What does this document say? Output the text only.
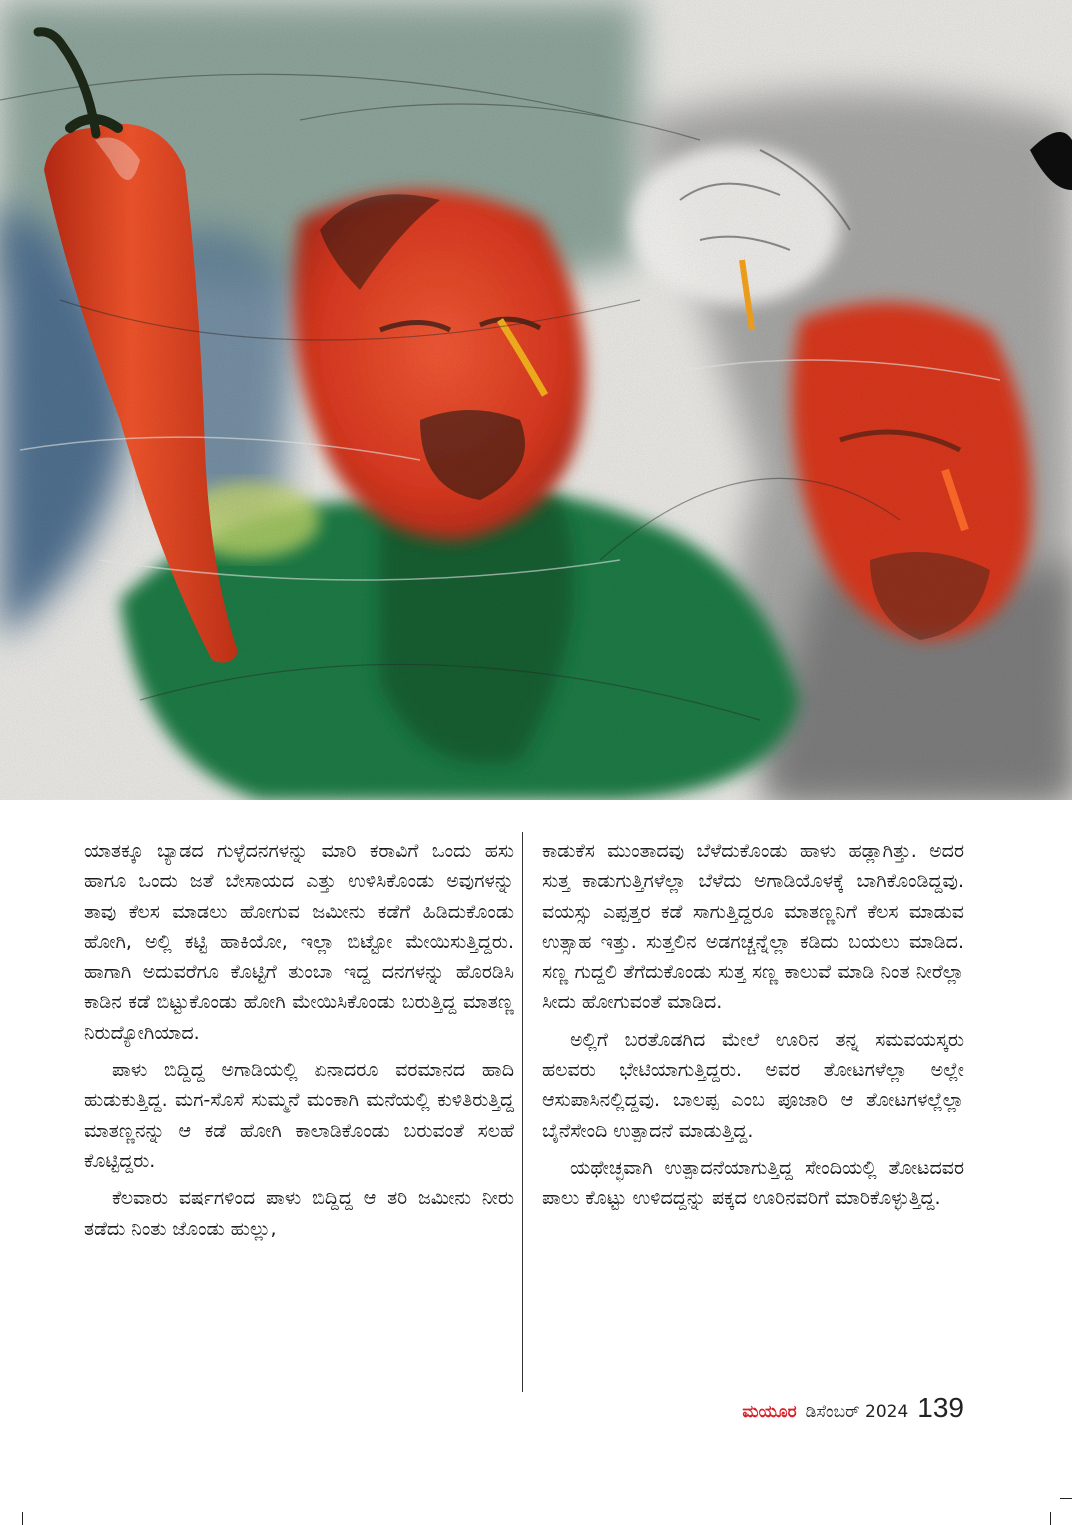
ಯಾತಕ್ಕೂ ಬ್ಯಾಡದ ಗುಳ್ಳೆದನಗಳನ್ನು ಮಾರಿ ಕರಾವಿಗೆ ಒಂದು ಹಸು ಹಾಗೂ ಒಂದು ಜತೆ ಬೇಸಾಯದ ಎತ್ತು ಉಳಿಸಿಕೊಂಡು ಅವುಗಳನ್ನು ತಾವು ಕೆಲಸ ಮಾಡಲು ಹೋಗುವ ಜಮೀನು ಕಡೆಗೆ ಹಿಡಿದುಕೊಂಡು ಹೋಗಿ, ಅಲ್ಲಿ ಕಟ್ಟಿ ಹಾಕಿಯೋ, ಇಲ್ಲಾ ಬಿಟ್ಟೋ ಮೇಯಿಸುತ್ತಿದ್ದರು. ಹಾಗಾಗಿ ಅದುವರೆಗೂ ಕೊಟ್ಟಿಗೆ ತುಂಬಾ ಇದ್ದ ದನಗಳನ್ನು ಹೊರಡಿಸಿ ಕಾಡಿನ ಕಡೆ ಬಿಟ್ಟುಕೊಂಡು ಹೋಗಿ ಮೇಯಿಸಿಕೊಂಡು ಬರುತ್ತಿದ್ದ ಮಾತಣ್ಣ ನಿರುದ್ಯೋಗಿಯಾದ.

ಪಾಳು ಬಿದ್ದಿದ್ದ ಅಗಾಡಿಯಲ್ಲಿ ಏನಾದರೂ ವರಮಾನದ ಹಾದಿ ಹುಡುಕುತ್ತಿದ್ದ. ಮಗ-ಸೊಸೆ ಸುಮ್ಮನೆ ಮಂಕಾಗಿ ಮನೆಯಲ್ಲಿ ಕುಳಿತಿರುತ್ತಿದ್ದ ಮಾತಣ್ಣನನ್ನು ಆ ಕಡೆ ಹೋಗಿ ಕಾಲಾಡಿಕೊಂಡು ಬರುವಂತೆ ಸಲಹೆ ಕೊಟ್ಟಿದ್ದರು.

ಕೆಲವಾರು ವರ್ಷಗಳಿಂದ ಪಾಳು ಬಿದ್ದಿದ್ದ ಆ ತರಿ ಜಮೀನು ನೀರು ತಡೆದು ನಿಂತು ಜೊಂಡು ಹುಲ್ಲು,

ಕಾಡುಕೆಸ ಮುಂತಾದವು ಬೆಳೆದುಕೊಂಡು ಹಾಳು ಹಡ್ಲಾಗಿತ್ತು. ಅದರ ಸುತ್ತ ಕಾಡುಗುತ್ತಿಗಳೆಲ್ಲಾ ಬೆಳೆದು ಅಗಾಡಿಯೊಳಕ್ಕೆ ಬಾಗಿಕೊಂಡಿದ್ದವು. ವಯಸ್ಸು ಎಪ್ಪತ್ತರ ಕಡೆ ಸಾಗುತ್ತಿದ್ದರೂ ಮಾತಣ್ಣನಿಗೆ ಕೆಲಸ ಮಾಡುವ ಉತ್ಸಾಹ ಇತ್ತು. ಸುತ್ತಲಿನ ಅಡಗಚ್ಚನ್ನೆಲ್ಲಾ ಕಡಿದು ಬಯಲು ಮಾಡಿದ. ಸಣ್ಣ ಗುದ್ದಲಿ ತೆಗೆದುಕೊಂಡು ಸುತ್ತ ಸಣ್ಣ ಕಾಲುವೆ ಮಾಡಿ ನಿಂತ ನೀರೆಲ್ಲಾ ಸೀದು ಹೋಗುವಂತೆ ಮಾಡಿದ.

ಅಲ್ಲಿಗೆ ಬರತೊಡಗಿದ ಮೇಲೆ ಊರಿನ ತನ್ನ ಸಮವಯಸ್ಕರು ಹಲವರು ಭೇಟಿಯಾಗುತ್ತಿದ್ದರು. ಅವರ ತೋಟಗಳೆಲ್ಲಾ ಅಲ್ಲೇ ಆಸುಪಾಸಿನಲ್ಲಿದ್ದವು. ಬಾಲಪ್ಪ ಎಂಬ ಪೂಜಾರಿ ಆ ತೋಟಗಳಲ್ಲೆಲ್ಲಾ ಬೈನೆಸೇಂದಿ ಉತ್ಪಾದನೆ ಮಾಡುತ್ತಿದ್ದ.

ಯಥೇಚ್ಛವಾಗಿ ಉತ್ಪಾದನೆಯಾಗುತ್ತಿದ್ದ ಸೇಂದಿಯಲ್ಲಿ ತೋಟದವರ ಪಾಲು ಕೊಟ್ಟು ಉಳಿದದ್ದನ್ನು ಪಕ್ಕದ ಊರಿನವರಿಗೆ ಮಾರಿಕೊಳ್ಳುತ್ತಿದ್ದ.

ಮಯೂರ ಡಿಸೆಂಬರ್ 2024 139
